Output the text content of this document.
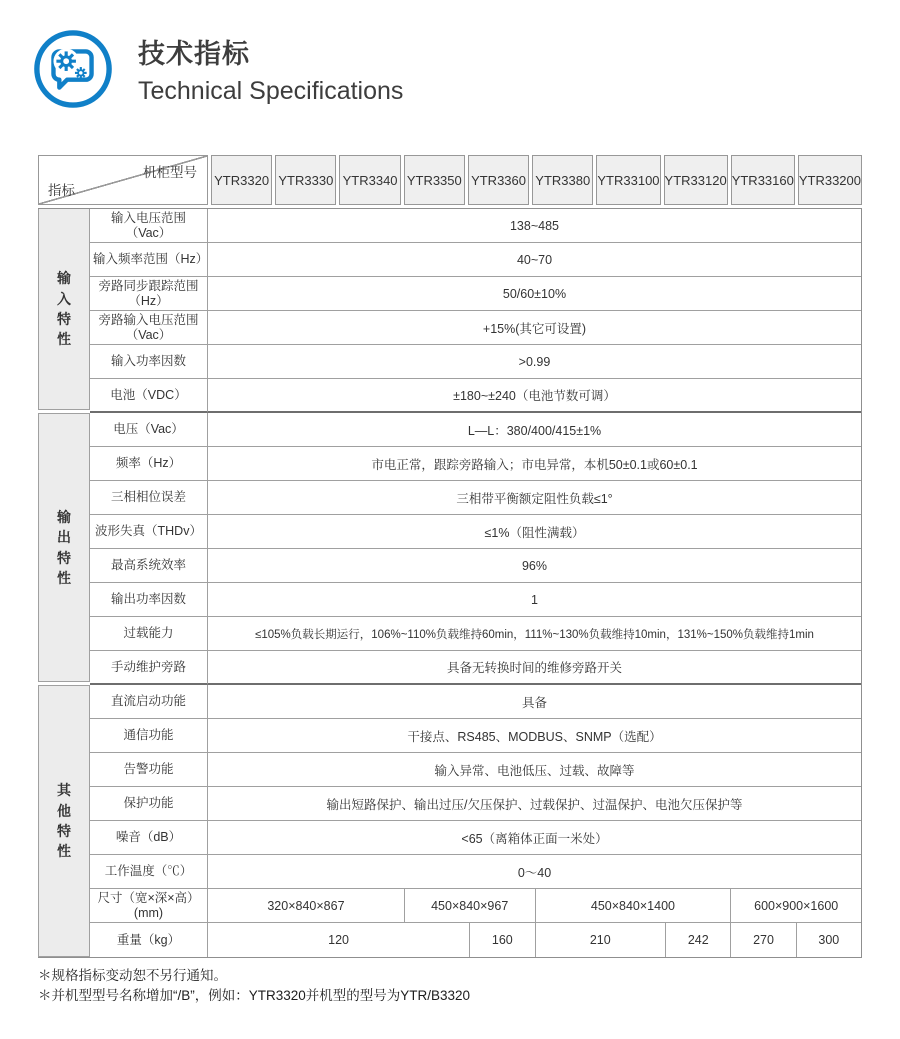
技术指标
Technical Specifications
机柜型号
指标
YTR3320 YTR3330 YTR3340 YTR3350 YTR3360 YTR3380 YTR33100 YTR33120 YTR33160 YTR33200
输入特性
输入电压范围（Vac）	138~485
输入频率范围（Hz）	40~70
旁路同步跟踪范围（Hz）	50/60±10%
旁路输入电压范围（Vac）	+15%(其它可设置)
输入功率因数	>0.99
电池（VDC）	±180~±240（电池节数可调）
输出特性
电压（Vac）	L—L：380/400/415±1%
频率（Hz）	市电正常，跟踪旁路输入；市电异常，本机50±0.1或60±0.1
三相相位误差	三相带平衡额定阻性负载≤1°
波形失真（THDv）	≤1%（阻性满载）
最高系统效率	96%
输出功率因数	1
过载能力	≤105%负载长期运行，106%~110%负载维持60min，111%~130%负载维持10min，131%~150%负载维持1min
手动维护旁路	具备无转换时间的维修旁路开关
其他特性
直流启动功能	具备
通信功能	干接点、RS485、MODBUS、SNMP（选配）
告警功能	输入异常、电池低压、过载、故障等
保护功能	输出短路保护、输出过压/欠压保护、过载保护、过温保护、电池欠压保护等
噪音（dB）	<65（离箱体正面一米处）
工作温度（℃）	0～40
尺寸（宽×深×高）(mm)	320×840×867	450×840×967	450×840×1400	600×900×1600
重量（kg）	120	160	210	242	270	300
＊规格指标变动恕不另行通知。
＊并机型型号名称增加“/B”，例如：YTR3320并机型的型号为YTR/B3320
